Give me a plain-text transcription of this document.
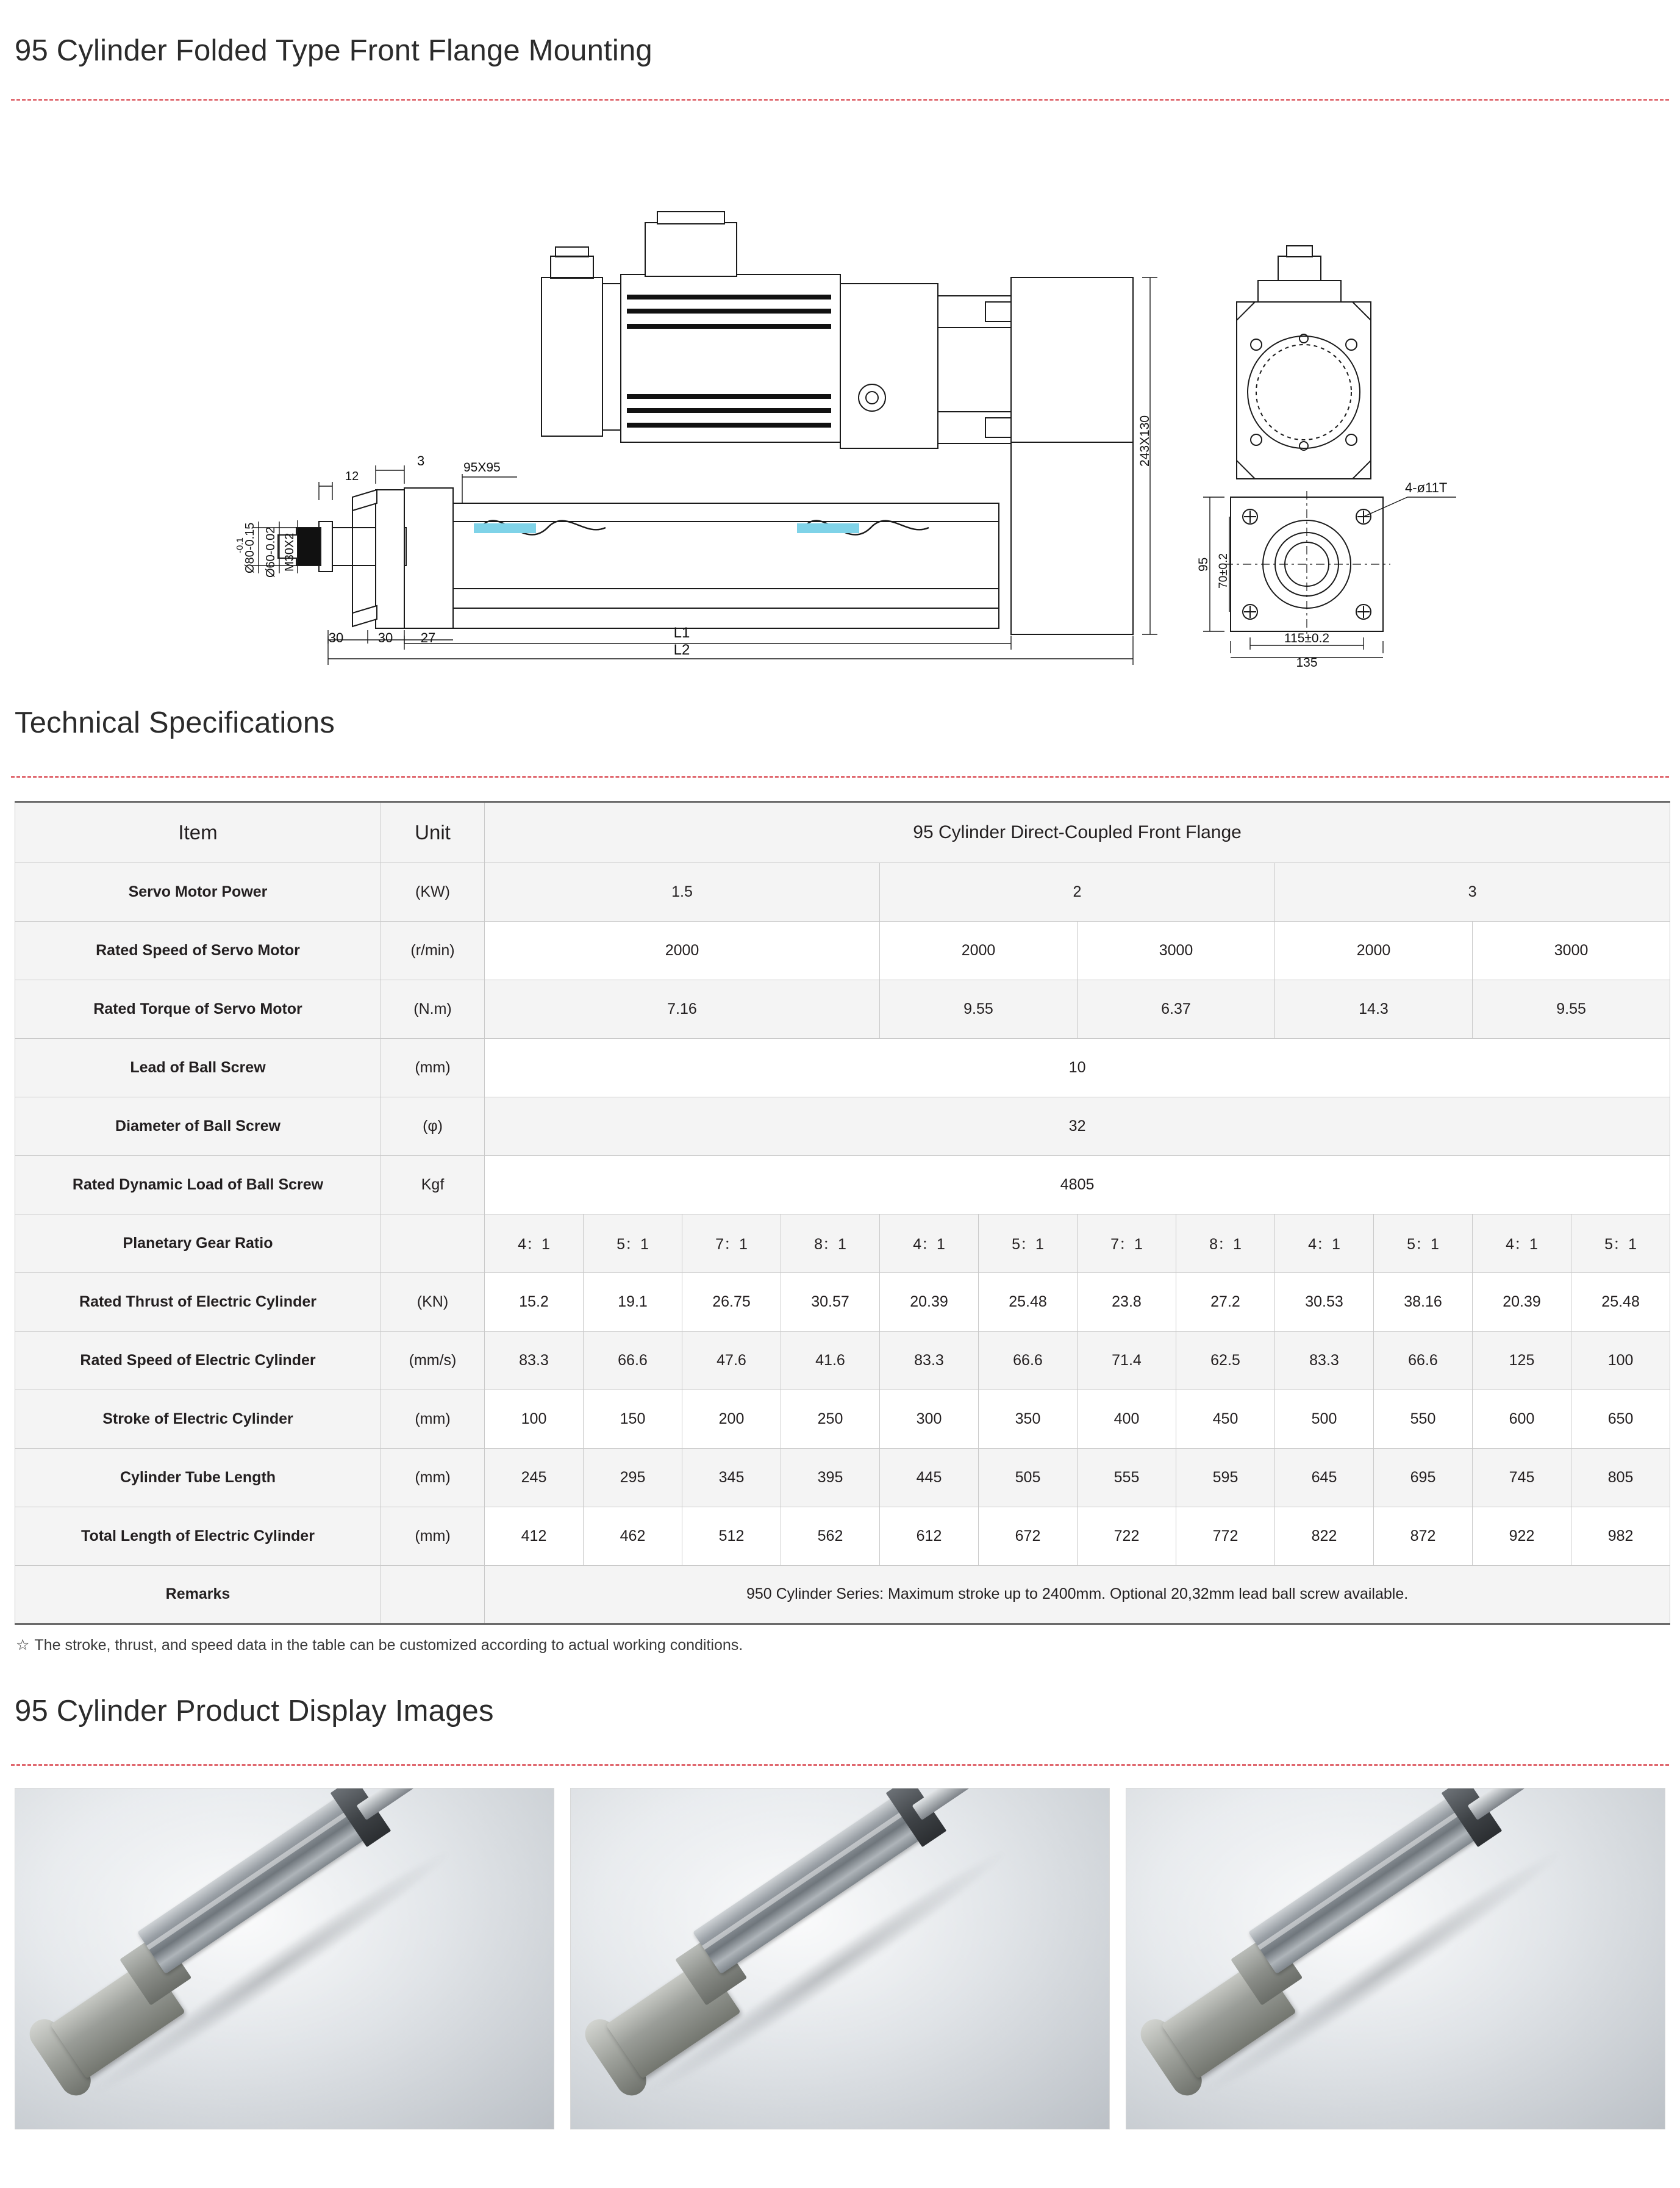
95 Cylinder Folded Type Front Flange Mounting
12
3	95X95
30	30 27	L1
L2
Ø80-0.15
-0.1 Ø60-0.02 M30X2
243X130
95 70±0.2
115±0.2
135
4-ø11T
Technical Specifications
Item	Unit	95 Cylinder Direct-Coupled Front Flange											
Servo Motor Power	(KW)	1.5				2				3			
Rated Speed of Servo Motor	(r/min)	2000				2000		3000		2000		3000	
Rated Torque of Servo Motor	(N.m)	7.16				9.55		6.37		14.3		9.55	
Lead of Ball Screw	(mm)	10											
Diameter of Ball Screw	(φ)	32											
Rated Dynamic Load of Ball Screw	Kgf	4805											
Planetary Gear Ratio		4：1	5：1	7：1	8：1	4：1	5：1	7：1	8：1	4：1	5：1	4：1	5：1
Rated Thrust of Electric Cylinder	(KN)	15.2	19.1	26.75	30.57	20.39	25.48	23.8	27.2	30.53	38.16	20.39	25.48
Rated Speed of Electric Cylinder	(mm/s)	83.3	66.6	47.6	41.6	83.3	66.6	71.4	62.5	83.3	66.6	125	100
Stroke of Electric Cylinder	(mm)	100	150	200	250	300	350	400	450	500	550	600	650
Cylinder Tube Length	(mm)	245	295	345	395	445	505	555	595	645	695	745	805
Total Length of Electric Cylinder	(mm)	412	462	512	562	612	672	722	772	822	872	922	982
Remarks		950 Cylinder Series: Maximum stroke up to 2400mm. Optional 20,32mm lead ball screw available.											
☆ The stroke, thrust, and speed data in the table can be customized according to actual working conditions.
95 Cylinder Product Display Images
